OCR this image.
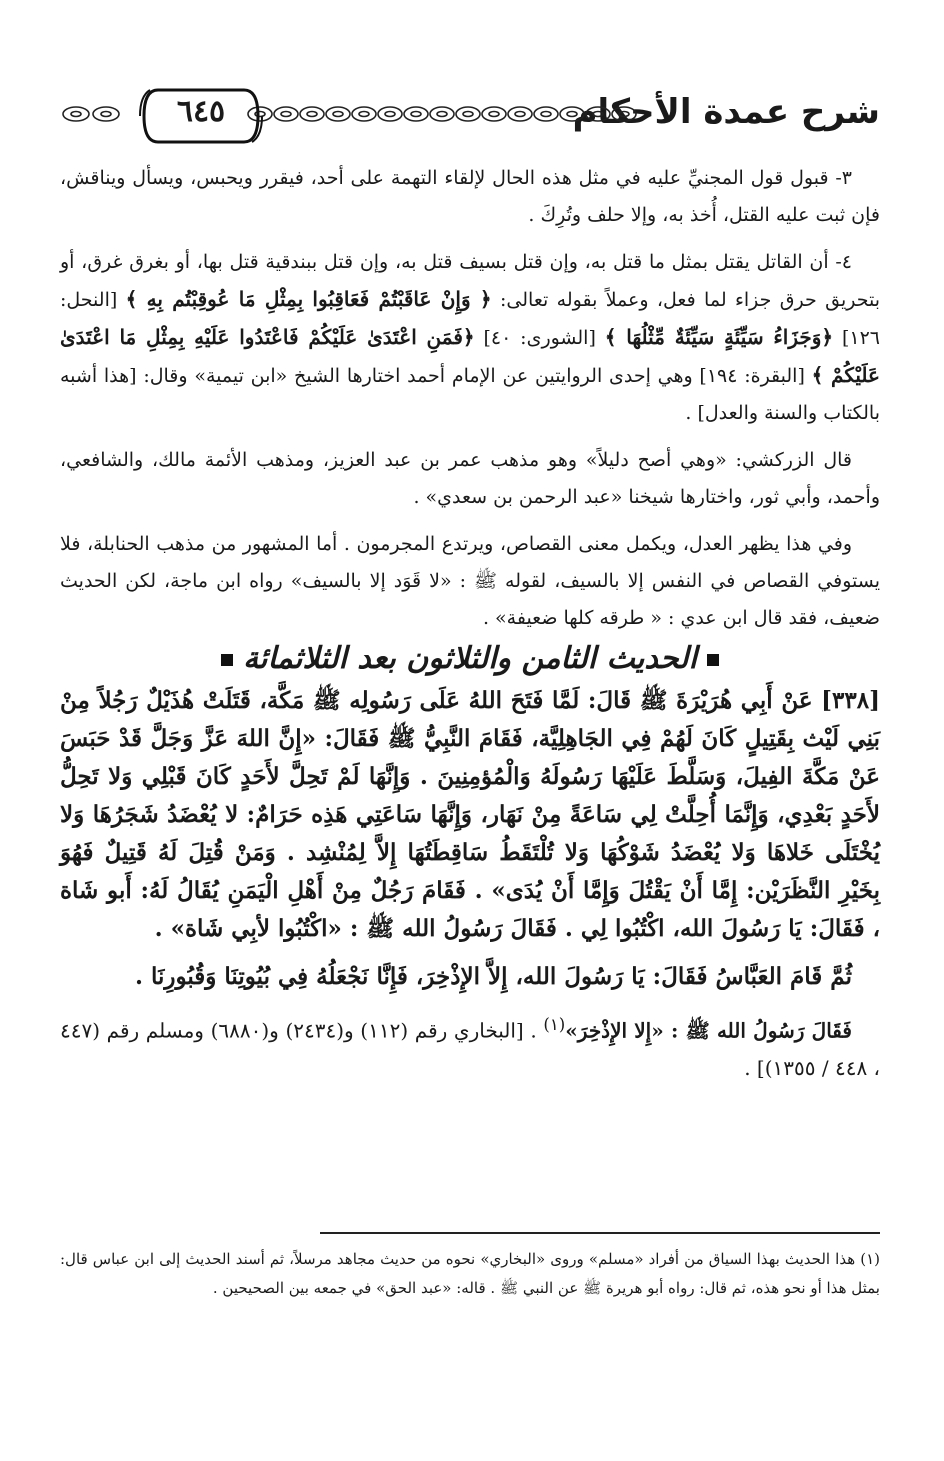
شرح عمدة الأحكام
٦٤٥

٣- قبول قول المجنيِّ عليه في مثل هذه الحال لإلقاء التهمة على أحد، فيقرر ويحبس، ويسأل ويناقش، فإن ثبت عليه القتل، أُخذ به، وإلا حلف وتُرِكَ .

٤- أن القاتل يقتل بمثل ما قتل به، وإن قتل بسيف قتل به، وإن قتل ببندقية قتل بها، أو بغرق غرق، أو بتحريق حرق جزاء لما فعل، وعملاً بقوله تعالى: ﴿ وَإِنْ عَاقَبْتُمْ فَعَاقِبُوا بِمِثْلِ مَا عُوقِبْتُم بِهِ ﴾ [النحل: ١٢٦] ﴿وَجَزَاءُ سَيِّئَةٍ سَيِّئَةٌ مِّثْلُهَا ﴾ [الشورى: ٤٠] ﴿فَمَنِ اعْتَدَىٰ عَلَيْكُمْ فَاعْتَدُوا عَلَيْهِ بِمِثْلِ مَا اعْتَدَىٰ عَلَيْكُمْ ﴾ [البقرة: ١٩٤] وهي إحدى الروايتين عن الإمام أحمد اختارها الشيخ «ابن تيمية» وقال: [هذا أشبه بالكتاب والسنة والعدل] .

قال الزركشي: «وهي أصح دليلاً» وهو مذهب عمر بن عبد العزيز، ومذهب الأئمة مالك، والشافعي، وأحمد، وأبي ثور، واختارها شيخنا «عبد الرحمن بن سعدي» .

وفي هذا يظهر العدل، ويكمل معنى القصاص، ويرتدع المجرمون . أما المشهور من مذهب الحنابلة، فلا يستوفي القصاص في النفس إلا بالسيف، لقوله ﷺ : «لا قَوَد إلا بالسيف» رواه ابن ماجة، لكن الحديث ضعيف، فقد قال ابن عدي : « طرقه كلها ضعيفة» .

الحديث الثامن والثلاثون بعد الثلاثمائة

[٣٣٨] عَنْ أَبِي هُرَيْرَةَ ﷺ قَالَ: لَمَّا فَتَحَ اللهُ عَلَى رَسُولِه ﷺ مَكَّة، قَتَلَتْ هُذَيْلٌ رَجُلاً مِنْ بَنِي لَيْث بِقَتِيلٍ كَانَ لَهُمْ فِي الجَاهِلِيَّة، فَقَامَ النَّبِيُّ ﷺ فَقَالَ: «إِنَّ اللهَ عَزَّ وَجَلَّ قَدْ حَبَسَ عَنْ مَكَّةَ الفِيلَ، وَسَلَّطَ عَلَيْهَا رَسُولَهُ وَالْمُؤمِنِينَ . وَإِنَّهَا لَمْ تَحِلَّ لأَحَدٍ كَانَ قَبْلِي وَلا تَحِلُّ لأَحَدٍ بَعْدِي، وَإِنَّمَا أُحِلَّتْ لِي سَاعَةً مِنْ نَهَار، وَإِنَّهَا سَاعَتِي هَذِه حَرَامٌ: لا يُعْضَدُ شَجَرُهَا وَلا يُخْتَلَى خَلاهَا وَلا يُعْضَدُ شَوْكُهَا وَلا تُلْتَقَطُ سَاقِطَتُهَا إِلاَّ لِمُنْشِد . وَمَنْ قُتِلَ لَهُ قَتِيلٌ فَهُوَ بِخَيْرِ النَّظَرَيْن: إِمَّا أَنْ يَقْتُلَ وَإِمَّا أَنْ يُدَى» . فَقَامَ رَجُلٌ مِنْ أَهْلِ الْيَمَنِ يُقَالُ لَهُ: أَبو شَاة ، فَقَالَ: يَا رَسُولَ الله، اكْتُبُوا لِي . فَقَالَ رَسُولُ الله ﷺ : «اكْتُبُوا لأبِي شَاة» .

ثُمَّ قَامَ العَبَّاسُ فَقَالَ: يَا رَسُولَ الله، إِلاَّ الإِذْخِرَ، فَإِنَّا نَجْعَلُهُ فِي بُيُوتِنَا وَقُبُورِنَا .

فَقَالَ رَسُولُ الله ﷺ : «إِلا الإِذْخِرَ»$^{(١)}$ . [البخاري رقم (١١٢) و(٢٤٣٤) و(٦٨٨٠) ومسلم رقم (٤٤٧ ، ٤٤٨ / ١٣٥٥)] .

(١) هذا الحديث بهذا السياق من أفراد «مسلم» وروى «البخاري» نحوه من حديث مجاهد مرسلاً، ثم أسند الحديث إلى ابن عباس قال: بمثل هذا أو نحو هذه، ثم قال: رواه أبو هريرة ﷺ عن النبي ﷺ . قاله: «عبد الحق» في جمعه بين الصحيحين .
